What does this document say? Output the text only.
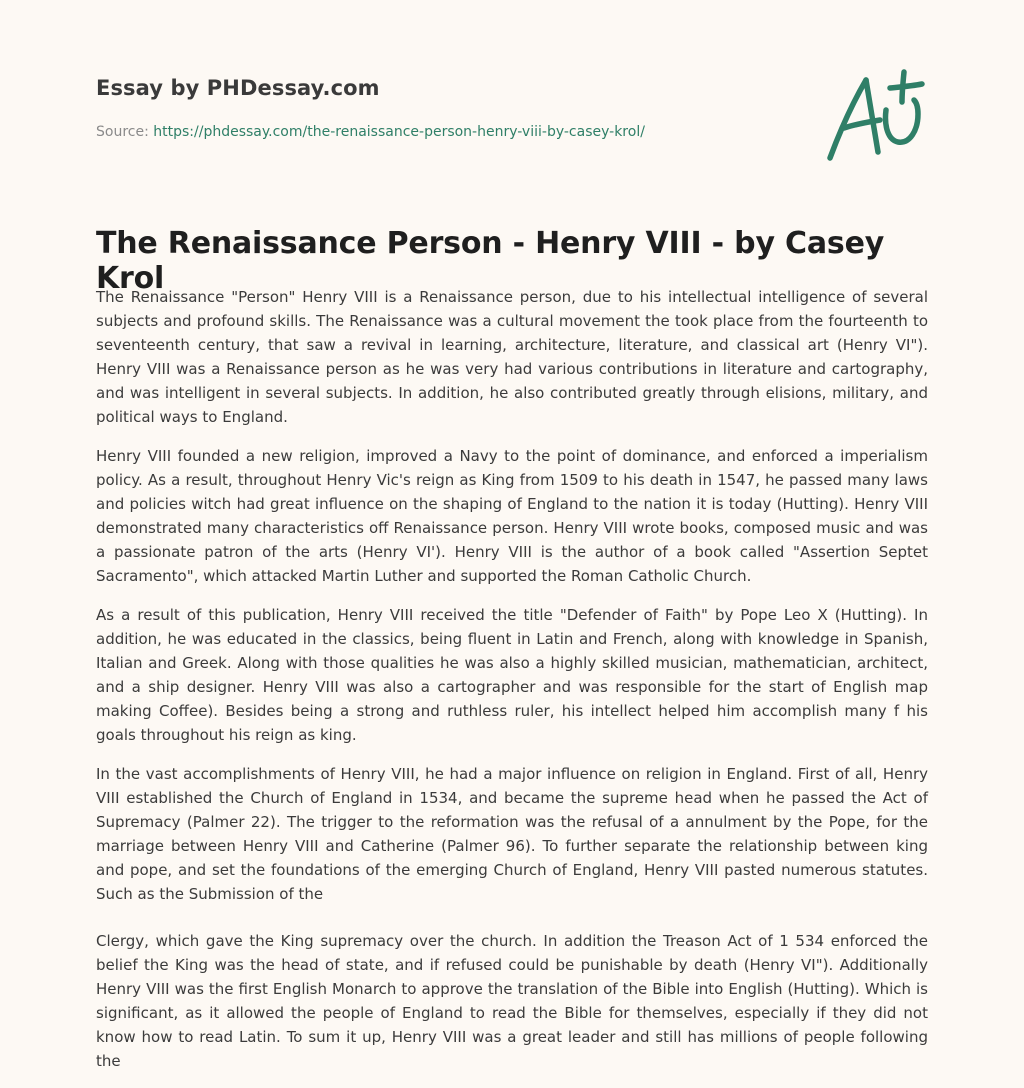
Essay by PHDessay.com
Source: https://phdessay.com/the-renaissance-person-henry-viii-by-casey-krol/
The Renaissance Person - Henry VIII - by Casey Krol

The Renaissance "Person" Henry VIII is a Renaissance person, due to his intellectual intelligence of several subjects and profound skills. The Renaissance was a cultural movement the took place from the fourteenth to seventeenth century, that saw a revival in learning, architecture, literature, and classical art (Henry VI"). Henry VIII was a Renaissance person as he was very had various contributions in literature and cartography, and was intelligent in several subjects. In addition, he also contributed greatly through elisions, military, and political ways to England.

Henry VIII founded a new religion, improved a Navy to the point of dominance, and enforced a imperialism policy. As a result, throughout Henry Vic's reign as King from 1509 to his death in 1547, he passed many laws and policies witch had great influence on the shaping of England to the nation it is today (Hutting). Henry VIII demonstrated many characteristics off Renaissance person. Henry VIII wrote books, composed music and was a passionate patron of the arts (Henry VI'). Henry VIII is the author of a book called "Assertion Septet Sacramento", which attacked Martin Luther and supported the Roman Catholic Church.

As a result of this publication, Henry VIII received the title "Defender of Faith" by Pope Leo X (Hutting). In addition, he was educated in the classics, being fluent in Latin and French, along with knowledge in Spanish, Italian and Greek. Along with those qualities he was also a highly skilled musician, mathematician, architect, and a ship designer. Henry VIII was also a cartographer and was responsible for the start of English map making Coffee). Besides being a strong and ruthless ruler, his intellect helped him accomplish many f his goals throughout his reign as king.

In the vast accomplishments of Henry VIII, he had a major influence on religion in England. First of all, Henry VIII established the Church of England in 1534, and became the supreme head when he passed the Act of Supremacy (Palmer 22). The trigger to the reformation was the refusal of a annulment by the Pope, for the marriage between Henry VIII and Catherine (Palmer 96). To further separate the relationship between king and pope, and set the foundations of the emerging Church of England, Henry VIII pasted numerous statutes. Such as the Submission of the

Clergy, which gave the King supremacy over the church. In addition the Treason Act of 1 534 enforced the belief the King was the head of state, and if refused could be punishable by death (Henry VI"). Additionally Henry VIII was the first English Monarch to approve the translation of the Bible into English (Hutting). Which is significant, as it allowed the people of England to read the Bible for themselves, especially if they did not know how to read Latin. To sum it up, Henry VIII was a great leader and still has millions of people following the
